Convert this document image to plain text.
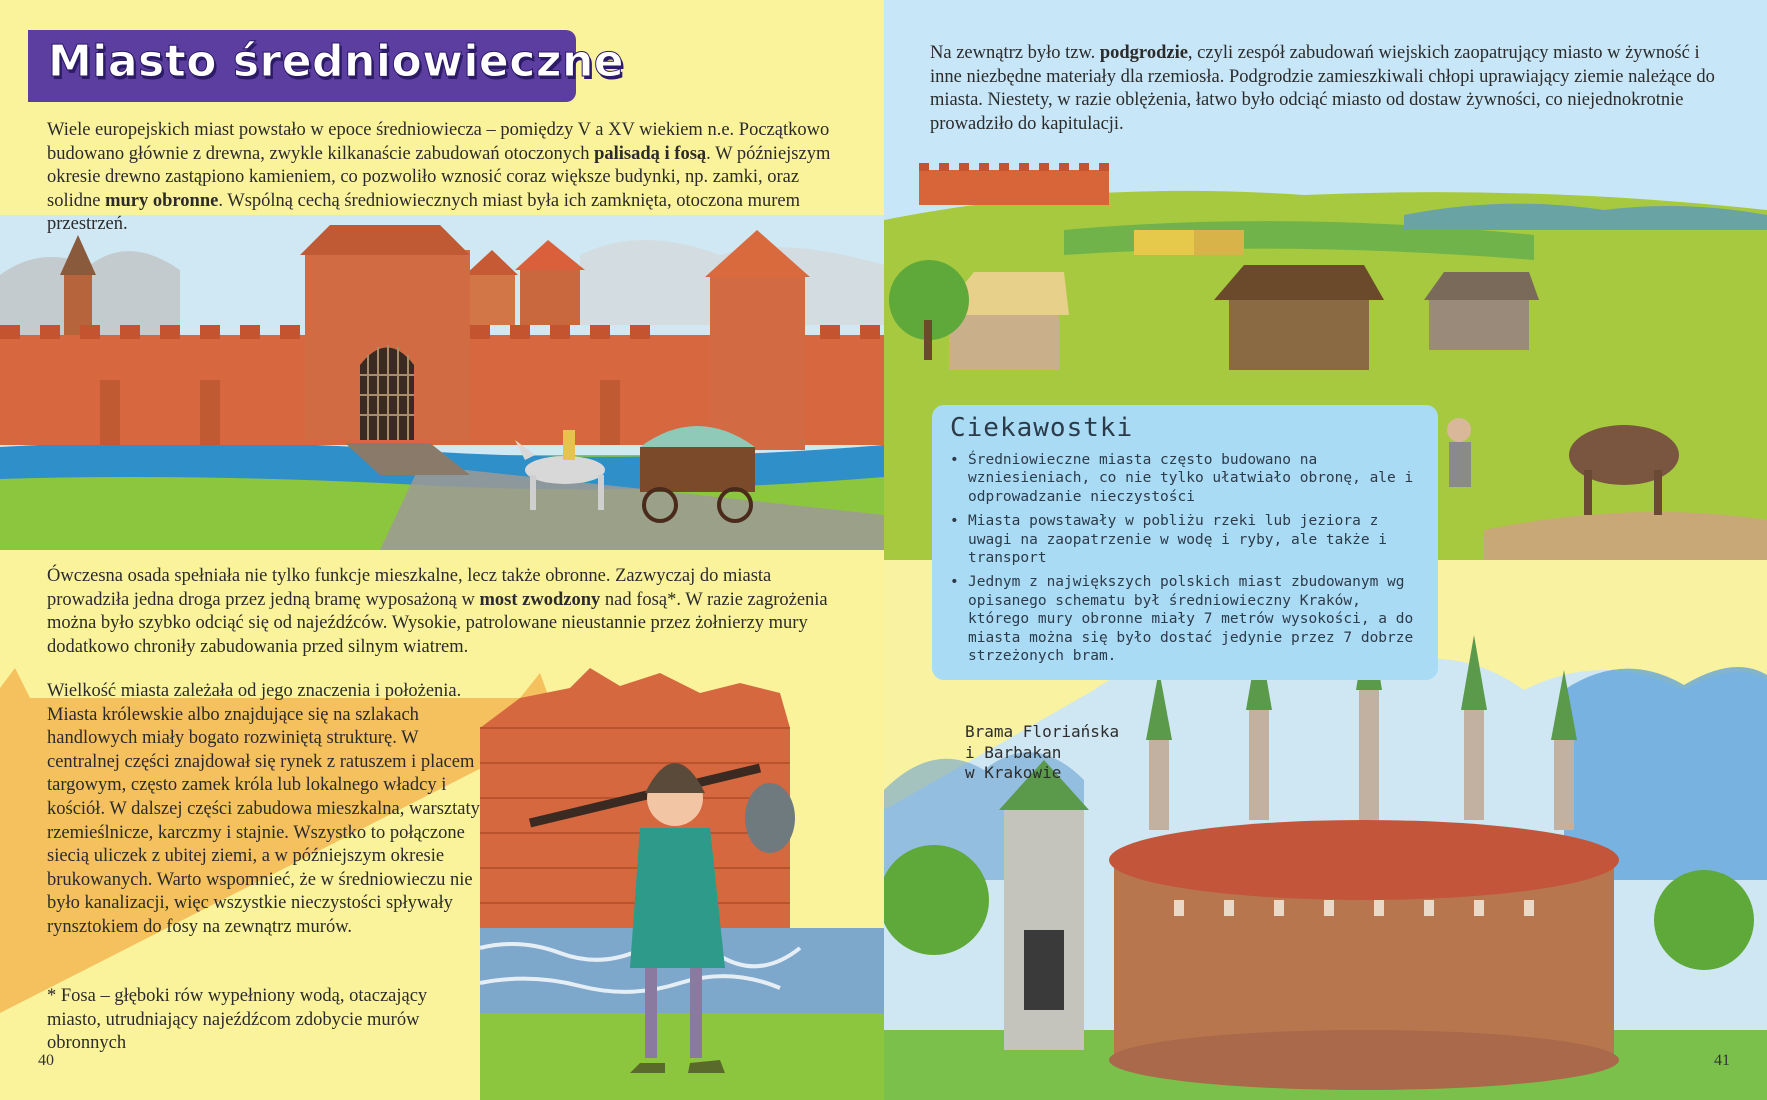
Miasto średniowieczne

Wiele europejskich miast powstało w epoce średniowiecza – pomiędzy V a XV wiekiem n.e. Początkowo budowano głównie z drewna, zwykle kilkanaście zabudowań otoczonych palisadą i fosą. W późniejszym okresie drewno zastąpiono kamieniem, co pozwoliło wznosić coraz większe budynki, np. zamki, oraz solidne mury obronne. Wspólną cechą średniowiecznych miast była ich zamknięta, otoczona murem przestrzeń.

Ówczesna osada spełniała nie tylko funkcje mieszkalne, lecz także obronne. Zazwyczaj do miasta prowadziła jedna droga przez jedną bramę wyposażoną w most zwodzony nad fosą*. W razie zagrożenia można było szybko odciąć się od najeźdźców. Wysokie, patrolowane nieustannie przez żołnierzy mury dodatkowo chroniły zabudowania przed silnym wiatrem.

Wielkość miasta zależała od jego znaczenia i położenia. Miasta królewskie albo znajdujące się na szlakach handlowych miały bogato rozwiniętą strukturę. W centralnej części znajdował się rynek z ratuszem i placem targowym, często zamek króla lub lokalnego władcy i kościół. W dalszej części zabudowa mieszkalna, warsztaty rzemieślnicze, karczmy i stajnie. Wszystko to połączone siecią uliczek z ubitej ziemi, a w późniejszym okresie brukowanych. Warto wspomnieć, że w średniowieczu nie było kanalizacji, więc wszystkie nieczystości spływały rynsztokiem do fosy na zewnątrz murów.

* Fosa – głęboki rów wypełniony wodą, otaczający miasto, utrudniający najeźdźcom zdobycie murów obronnych

40

Na zewnątrz było tzw. podgrodzie, czyli zespół zabudowań wiejskich zaopatrujący miasto w żywność i inne niezbędne materiały dla rzemiosła. Podgrodzie zamieszkiwali chłopi uprawiający ziemie należące do miasta. Niestety, w razie oblężenia, łatwo było odciąć miasto od dostaw żywności, co niejednokrotnie prowadziło do kapitulacji.

41
Ciekawostki
• Średniowieczne miasta często budowano na wzniesieniach, co nie tylko ułatwiało obronę, ale i odprowadzanie nieczystości
• Miasta powstawały w pobliżu rzeki lub jeziora z uwagi na zaopatrzenie w wodę i ryby, ale także i transport
• Jednym z największych polskich miast zbudowanym wg opisanego schematu był średniowieczny Kraków, którego mury obronne miały 7 metrów wysokości, a do miasta można się było dostać jedynie przez 7 dobrze strzeżonych bram.
Brama Floriańska
i Barbakan
w Krakowie
